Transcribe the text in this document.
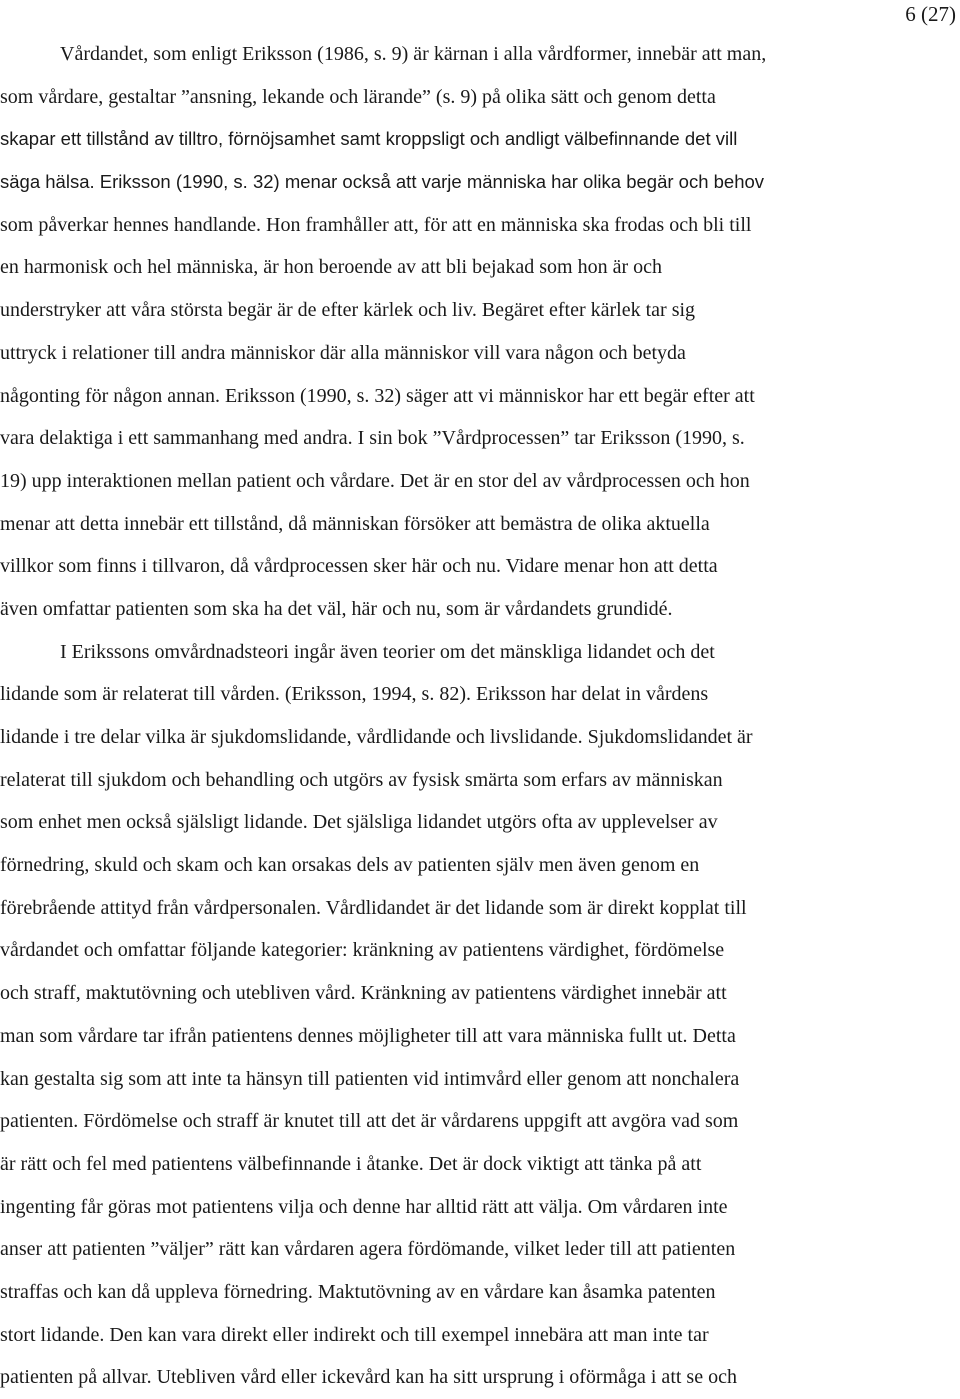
6 (27)
Vårdandet, som enligt Eriksson (1986, s. 9) är kärnan i alla vårdformer, innebär att man,
som vårdare, gestaltar ”ansning, lekande och lärande” (s. 9) på olika sätt och genom detta
skapar ett tillstånd av tilltro, förnöjsamhet samt kroppsligt och andligt välbefinnande det vill
säga hälsa. Eriksson (1990, s. 32) menar också att varje människa har olika begär och behov
som påverkar hennes handlande. Hon framhåller att, för att en människa ska frodas och bli till
en harmonisk och hel människa, är hon beroende av att bli bejakad som hon är och
understryker att våra största begär är de efter kärlek och liv. Begäret efter kärlek tar sig
uttryck i relationer till andra människor där alla människor vill vara någon och betyda
någonting för någon annan. Eriksson (1990, s. 32) säger att vi människor har ett begär efter att
vara delaktiga i ett sammanhang med andra. I sin bok ”Vårdprocessen” tar Eriksson (1990, s.
19) upp interaktionen mellan patient och vårdare. Det är en stor del av vårdprocessen och hon
menar att detta innebär ett tillstånd, då människan försöker att bemästra de olika aktuella
villkor som finns i tillvaron, då vårdprocessen sker här och nu. Vidare menar hon att detta
även omfattar patienten som ska ha det väl, här och nu, som är vårdandets grundidé.
I Erikssons omvårdnadsteori ingår även teorier om det mänskliga lidandet och det
lidande som är relaterat till vården. (Eriksson, 1994, s. 82). Eriksson har delat in vårdens
lidande i tre delar vilka är sjukdomslidande, vårdlidande och livslidande. Sjukdomslidandet är
relaterat till sjukdom och behandling och utgörs av fysisk smärta som erfars av människan
som enhet men också själsligt lidande. Det själsliga lidandet utgörs ofta av upplevelser av
förnedring, skuld och skam och kan orsakas dels av patienten själv men även genom en
förebrående attityd från vårdpersonalen. Vårdlidandet är det lidande som är direkt kopplat till
vårdandet och omfattar följande kategorier: kränkning av patientens värdighet, fördömelse
och straff, maktutövning och utebliven vård. Kränkning av patientens värdighet innebär att
man som vårdare tar ifrån patientens dennes möjligheter till att vara människa fullt ut. Detta
kan gestalta sig som att inte ta hänsyn till patienten vid intimvård eller genom att nonchalera
patienten. Fördömelse och straff är knutet till att det är vårdarens uppgift att avgöra vad som
är rätt och fel med patientens välbefinnande i åtanke. Det är dock viktigt att tänka på att
ingenting får göras mot patientens vilja och denne har alltid rätt att välja. Om vårdaren inte
anser att patienten ”väljer” rätt kan vårdaren agera fördömande, vilket leder till att patienten
straffas och kan då uppleva förnedring. Maktutövning av en vårdare kan åsamka patenten
stort lidande. Den kan vara direkt eller indirekt och till exempel innebära att man inte tar
patienten på allvar. Utebliven vård eller ickevård kan ha sitt ursprung i oförmåga i att se och
